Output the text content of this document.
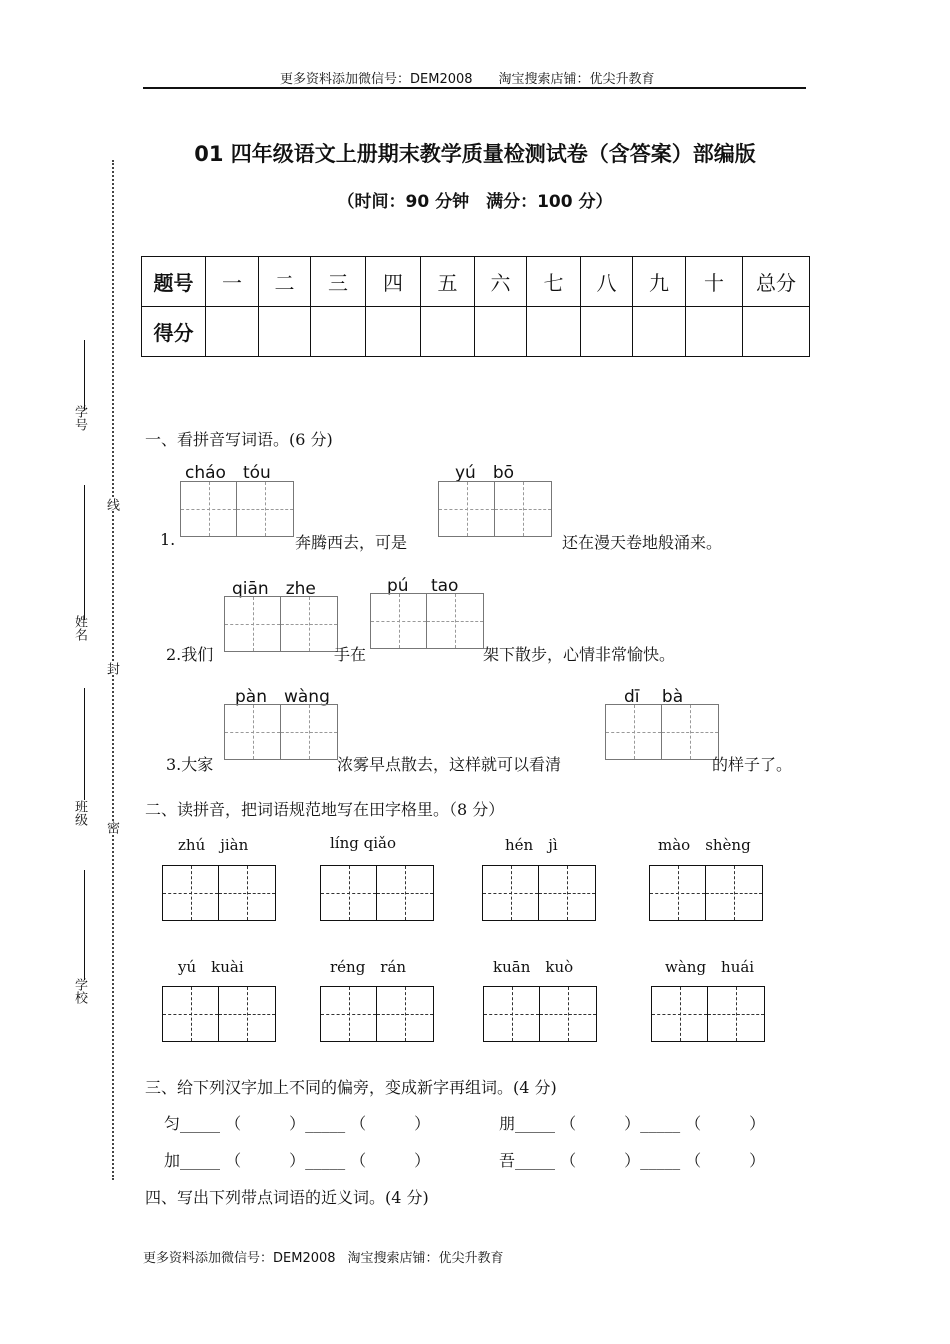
更多资料添加微信号：DEM2008 淘宝搜索店铺：优尖升教育
01 四年级语文上册期末教学质量检测试卷（含答案）部编版
（时间：90 分钟　满分：100 分）
题号	一	二	三	四	五	六	七	八	九	十	总分
得分											
线
封
密
学号
姓名
班级
学校
一、看拼音写词语。(6 分)
cháo　tóu
1.	奔腾西去，可是
yú　bō
还在漫天卷地般涌来。
qiān　zhe
2.我们	手在
pú　 tao
架下散步，心情非常愉快。
pàn　wàng
3.大家	浓雾早点散去，这样就可以看清
dī　 bà
的样子了。
二、读拼音，把词语规范地写在田字格里。（8 分）
zhú　jiàn	líng qiǎo	hén　jì	mào　shèng
yú　kuài	réng　rán	kuān　kuò	wàng　huái
三、给下列汉字加上不同的偏旁，变成新字再组词。(4 分)
匀_____ （　　　）_____ （　　　）	朋_____ （　　　）_____ （　　　）
加_____ （　　　）_____ （　　　）	吾_____ （　　　）_____ （　　　）
四、写出下列带点词语的近义词。(4 分)
更多资料添加微信号：DEM2008 淘宝搜索店铺：优尖升教育
